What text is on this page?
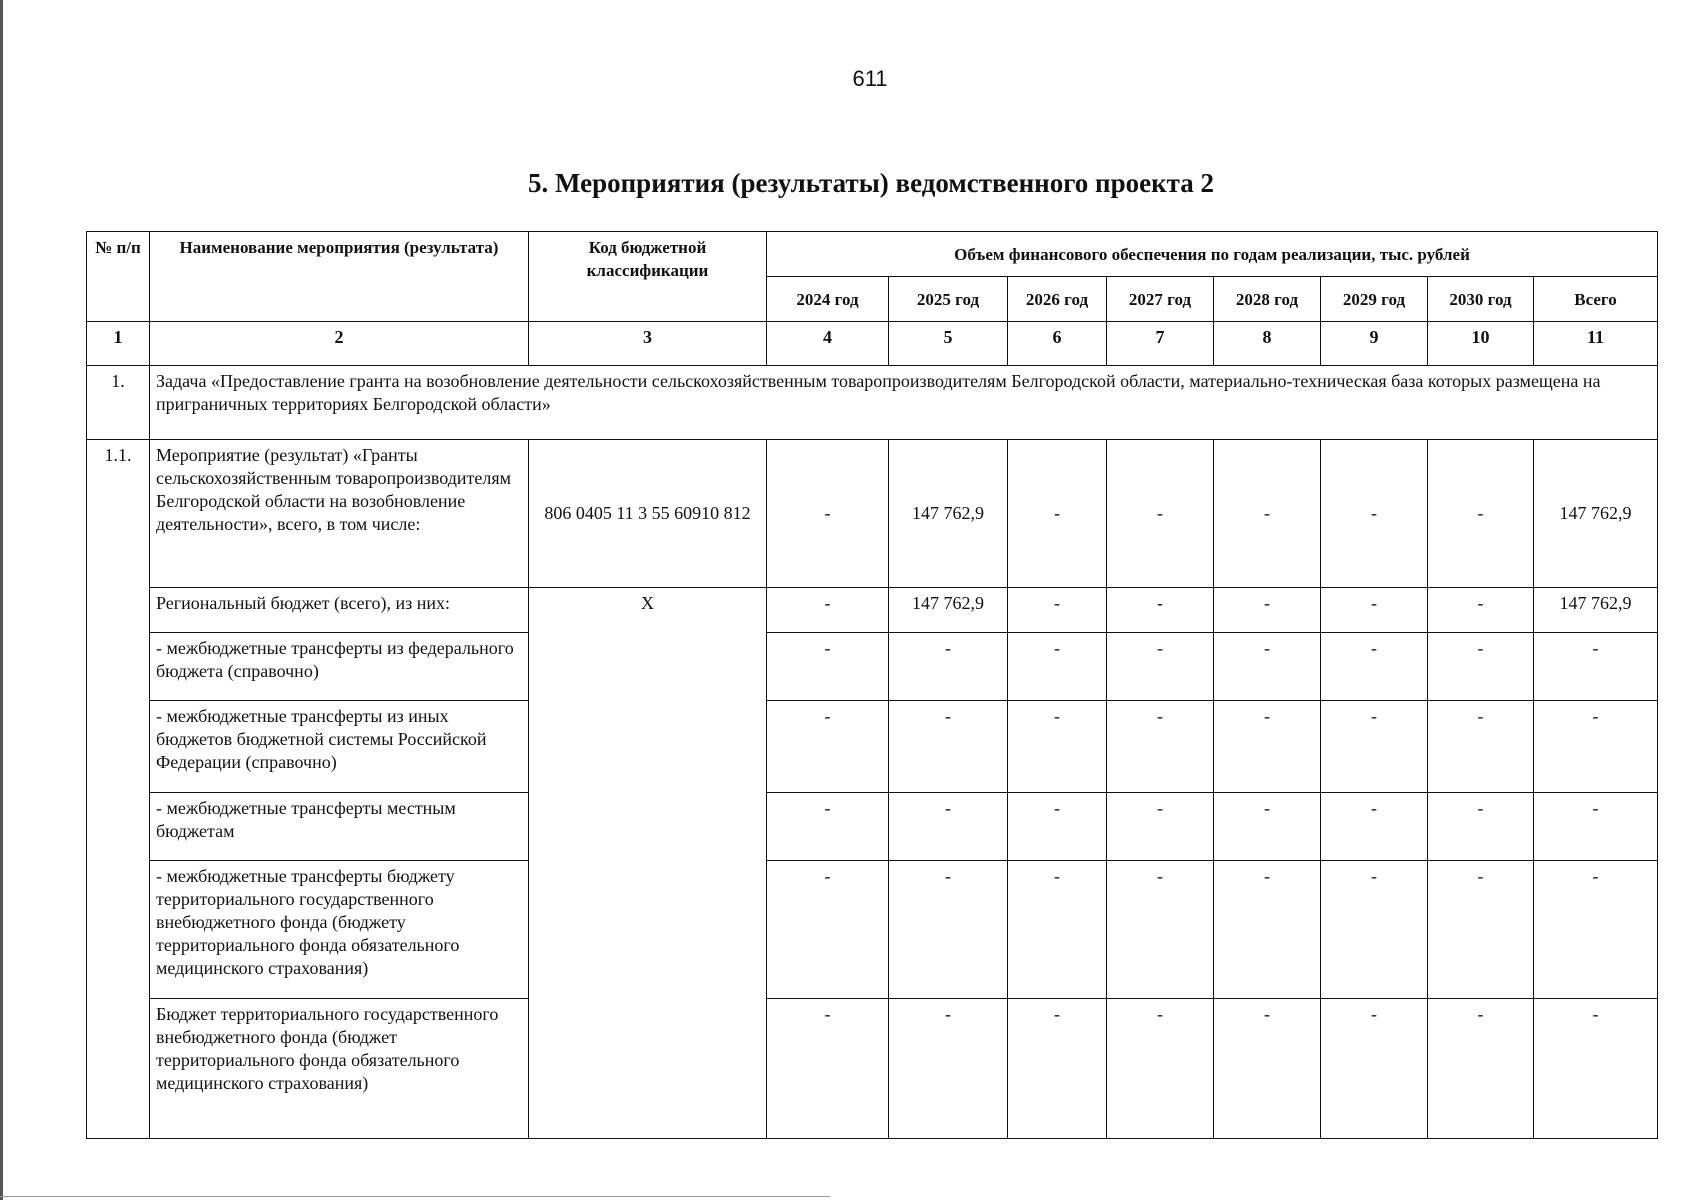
611
5. Мероприятия (результаты) ведомственного проекта 2
№ п/п	Наименование мероприятия (результата)	Код бюджетной классификации	Объем финансового обеспечения по годам реализации, тыс. рублей							
			2024 год	2025 год	2026 год	2027 год	2028 год	2029 год	2030 год	Всего
1	2	3	4	5	6	7	8	9	10	11
1.	Задача «Предоставление гранта на возобновление деятельности сельскохозяйственным товаропроизводителям Белгородской области, материально-техническая база которых размещена на приграничных территориях Белгородской области»									
1.1.	Мероприятие (результат) «Гранты сельскохозяйственным товаропроизводителям Белгородской области на возобновление деятельности», всего, в том числе:	806 0405 11 3 55 60910 812	-	147 762,9	-	-	-	-	-	147 762,9
	Региональный бюджет (всего), из них:	X	-	147 762,9	-	-	-	-	-	147 762,9
	- межбюджетные трансферты из федерального бюджета (справочно)		-	-	-	-	-	-	-	-
	- межбюджетные трансферты из иных бюджетов бюджетной системы Российской Федерации (справочно)		-	-	-	-	-	-	-	-
	- межбюджетные трансферты местным бюджетам		-	-	-	-	-	-	-	-
	- межбюджетные трансферты бюджету территориального государственного внебюджетного фонда (бюджету территориального фонда обязательного медицинского страхования)		-	-	-	-	-	-	-	-
	Бюджет территориального государственного внебюджетного фонда (бюджет территориального фонда обязательного медицинского страхования)		-	-	-	-	-	-	-	-
